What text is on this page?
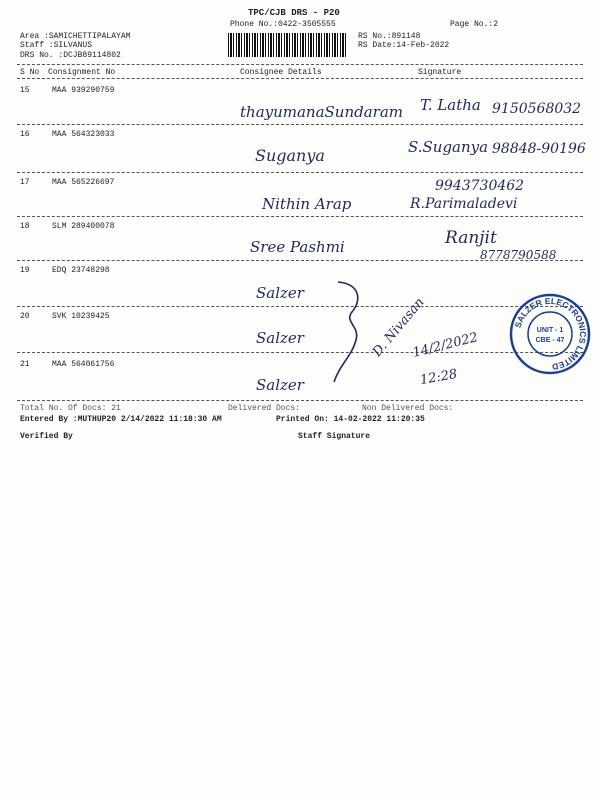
TPC/CJB DRS - P20
Phone No.:0422-3505555	Page No.:2
Area :SAMICHETTIPALAYAM
Staff :SILVANUS
DRS No. :DCJB89114802
RS No.:891148
RS Date:14-Feb-2022
S No Consignment No	Consignee Details	Signature
15	MAA 939290759
thayumanaSundaram T. Latha 9150568032
16	MAA 564323033
Suganya	S.Suganya 98848-90196
17	MAA 565226697	9943730462
Nithin Arap	R.Parimaladevi
18	SLM 289400078
Sree Pashmi	Ranjit
8778790588
19	EDQ 23748298
Salzer
20	SVK 10239425
Salzer
21	MAA 564061756
Salzer
D. Nivasan
14/2/2022
12:28
SALZER ELECTRONICS LIMITED
UNIT - 1
CBE - 47
Total No. Of Docs: 21	Delivered Docs:	Non Delivered Docs:
Entered By :MUTHUP20 2/14/2022 11:18:30 AM	Printed On: 14-02-2022 11:20:35
Verified By	Staff Signature
